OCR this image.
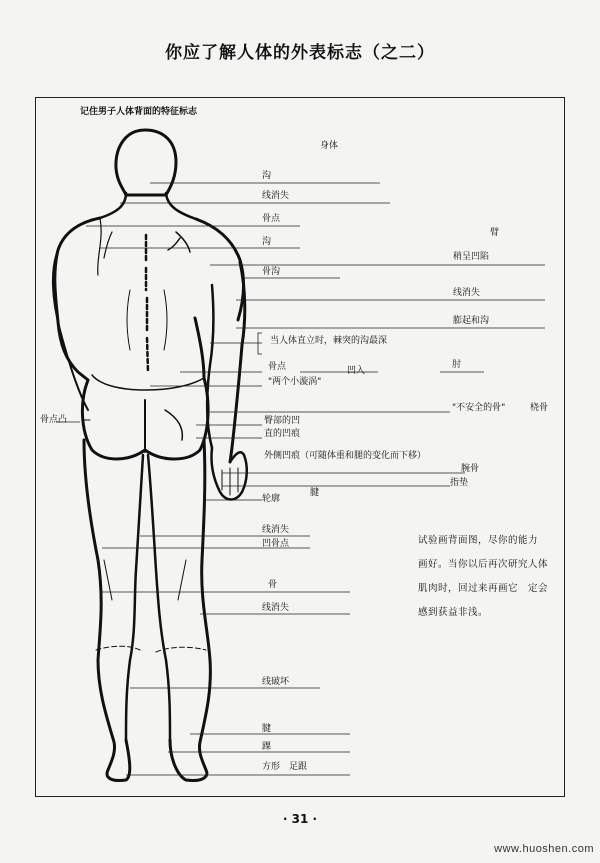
你应了解人体的外表标志（之二）
记住男子人体背面的特征标志
身体
沟
线消失
骨点
臂
沟
稍呈凹陷
骨沟
线消失
膨起和沟
当人体直立时，棘突的沟最深
骨点	凹入
肘
"两个小漩涡"
骨点凸
"不安全的骨"	桡骨
臀部的凹
直的凹痕
外侧凹痕（可随体重和腿的变化而下移）
腕骨
指垫
腱
轮廓
线消失
凹骨点
骨
线消失
线破坏
腱
踝
方形　足跟
试验画背面图，尽你的能力
画好。当你以后再次研究人体
肌肉时，回过来再画它　定会
感到获益非浅。
· 31 ·
www.huoshen.com
